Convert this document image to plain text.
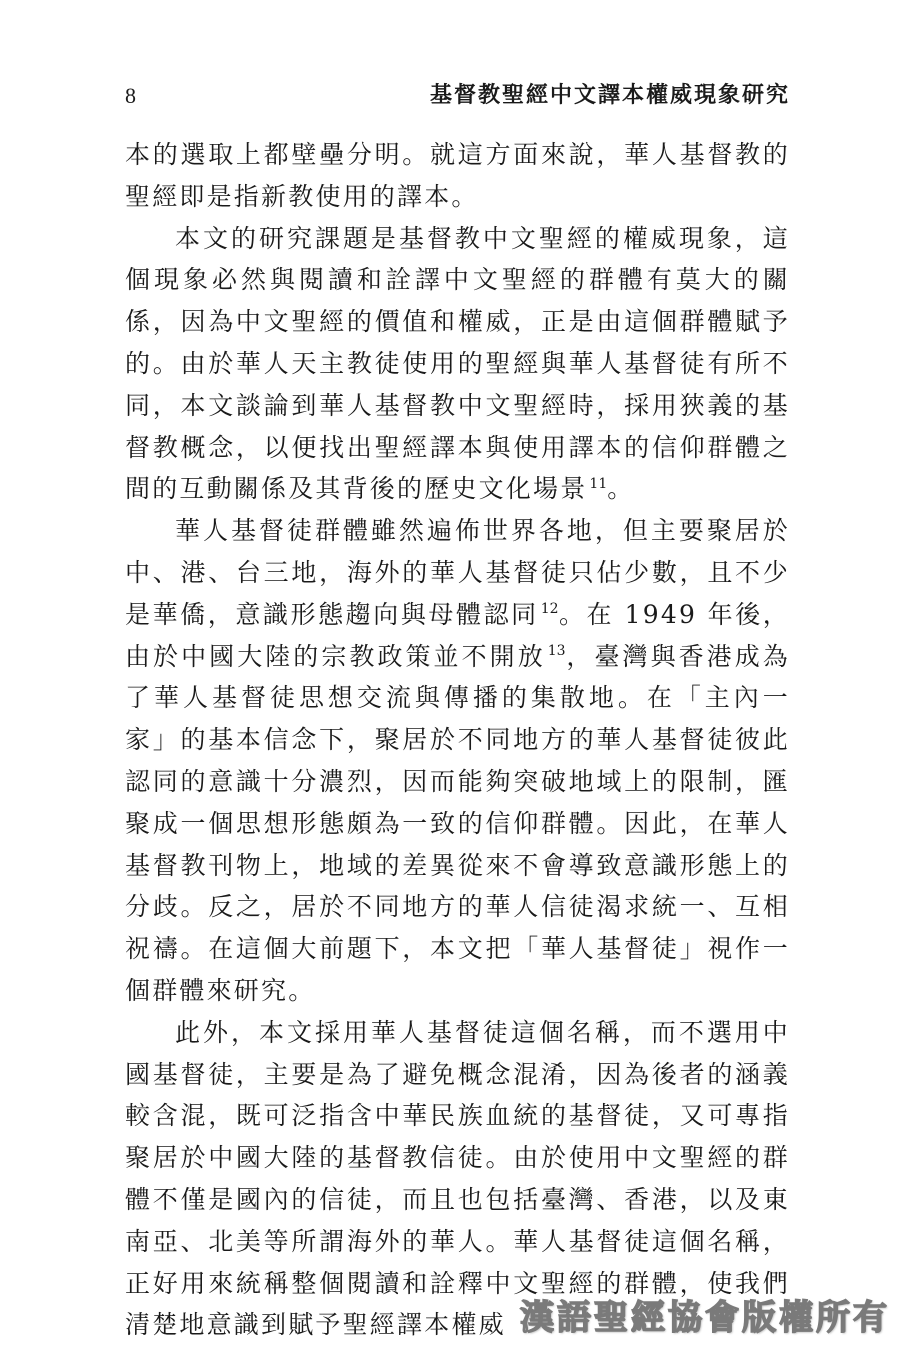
8	基督教聖經中文譯本權威現象研究

本的選取上都壁壘分明。就這方面來說，華人基督教的聖經即是指新教使用的譯本。

本文的研究課題是基督教中文聖經的權威現象，這個現象必然與閱讀和詮譯中文聖經的群體有莫大的關係，因為中文聖經的價值和權威，正是由這個群體賦予的。由於華人天主教徒使用的聖經與華人基督徒有所不同，本文談論到華人基督教中文聖經時，採用狹義的基督教概念，以便找出聖經譯本與使用譯本的信仰群體之間的互動關係及其背後的歷史文化場景 $^{11}$。

華人基督徒群體雖然遍佈世界各地，但主要聚居於中、港、台三地，海外的華人基督徒只佔少數，且不少是華僑，意識形態趨向與母體認同 $^{12}$。在 1949 年後，由於中國大陸的宗教政策並不開放 $^{13}$，臺灣與香港成為了華人基督徒思想交流與傳播的集散地。在「主內一家」的基本信念下，聚居於不同地方的華人基督徒彼此認同的意識十分濃烈，因而能夠突破地域上的限制，匯聚成一個思想形態頗為一致的信仰群體。因此，在華人基督教刊物上，地域的差異從來不會導致意識形態上的分歧。反之，居於不同地方的華人信徒渴求統一、互相祝禱。在這個大前題下，本文把「華人基督徒」視作一個群體來研究。

此外，本文採用華人基督徒這個名稱，而不選用中國基督徒，主要是為了避免概念混淆，因為後者的涵義較含混，既可泛指含中華民族血統的基督徒，又可專指聚居於中國大陸的基督教信徒。由於使用中文聖經的群體不僅是國內的信徒，而且也包括臺灣、香港，以及東南亞、北美等所謂海外的華人。華人基督徒這個名稱，正好用來統稱整個閱讀和詮釋中文聖經的群體，使我們清楚地意識到賦予聖經譯本權威 漢語聖經協會版權所有
